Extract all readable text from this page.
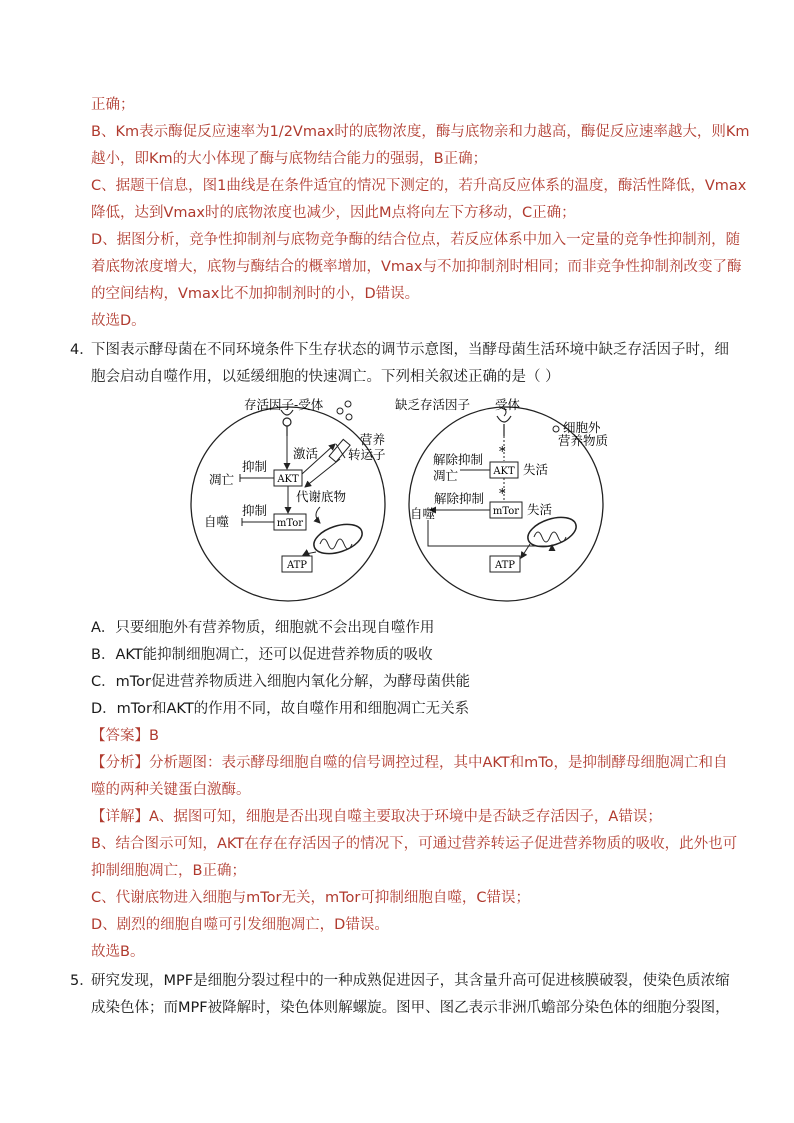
正确；
B、Km表示酶促反应速率为1/2Vmax时的底物浓度，酶与底物亲和力越高，酶促反应速率越大，则Km
越小，即Km的大小体现了酶与底物结合能力的强弱，B正确；
C、据题干信息，图1曲线是在条件适宜的情况下测定的，若升高反应体系的温度，酶活性降低，Vmax
降低，达到Vmax时的底物浓度也减少，因此M点将向左下方移动，C正确；
D、据图分析，竞争性抑制剂与底物竞争酶的结合位点，若反应体系中加入一定量的竞争性抑制剂，随
着底物浓度增大，底物与酶结合的概率增加，Vmax与不加抑制剂时相同；而非竞争性抑制剂改变了酶
的空间结构，Vmax比不加抑制剂时的小，D错误。
故选D。
4．
下图表示酵母菌在不同环境条件下生存状态的调节示意图，当酵母菌生活环境中缺乏存活因子时，细
胞会启动自噬作用，以延缓细胞的快速凋亡。下列相关叙述正确的是（ ）
AKT
mTor
ATP
存活因子-受体
激活
营养
转运子
抑制
凋亡
代谢底物
抑制
自噬
*
*
AKT
mTor
ATP
缺乏存活因子 受体
细胞外
营养物质
解除抑制
凋亡	失活
解除抑制
自噬	失活
A．只要细胞外有营养物质，细胞就不会出现自噬作用
B．AKT能抑制细胞凋亡，还可以促进营养物质的吸收
C．mTor促进营养物质进入细胞内氧化分解，为酵母菌供能
D．mTor和AKT的作用不同，故自噬作用和细胞凋亡无关系
【答案】B
【分析】分析题图：表示酵母细胞自噬的信号调控过程，其中AKT和mTo，是抑制酵母细胞凋亡和自
噬的两种关键蛋白激酶。
【详解】A、据图可知，细胞是否出现自噬主要取决于环境中是否缺乏存活因子，A错误；
B、结合图示可知，AKT在存在存活因子的情况下，可通过营养转运子促进营养物质的吸收，此外也可
抑制细胞凋亡，B正确；
C、代谢底物进入细胞与mTor无关，mTor可抑制细胞自噬，C错误；
D、剧烈的细胞自噬可引发细胞凋亡，D错误。
故选B。
5．
研究发现，MPF是细胞分裂过程中的一种成熟促进因子，其含量升高可促进核膜破裂，使染色质浓缩
成染色体；而MPF被降解时，染色体则解螺旋。图甲、图乙表示非洲爪蟾部分染色体的细胞分裂图，
